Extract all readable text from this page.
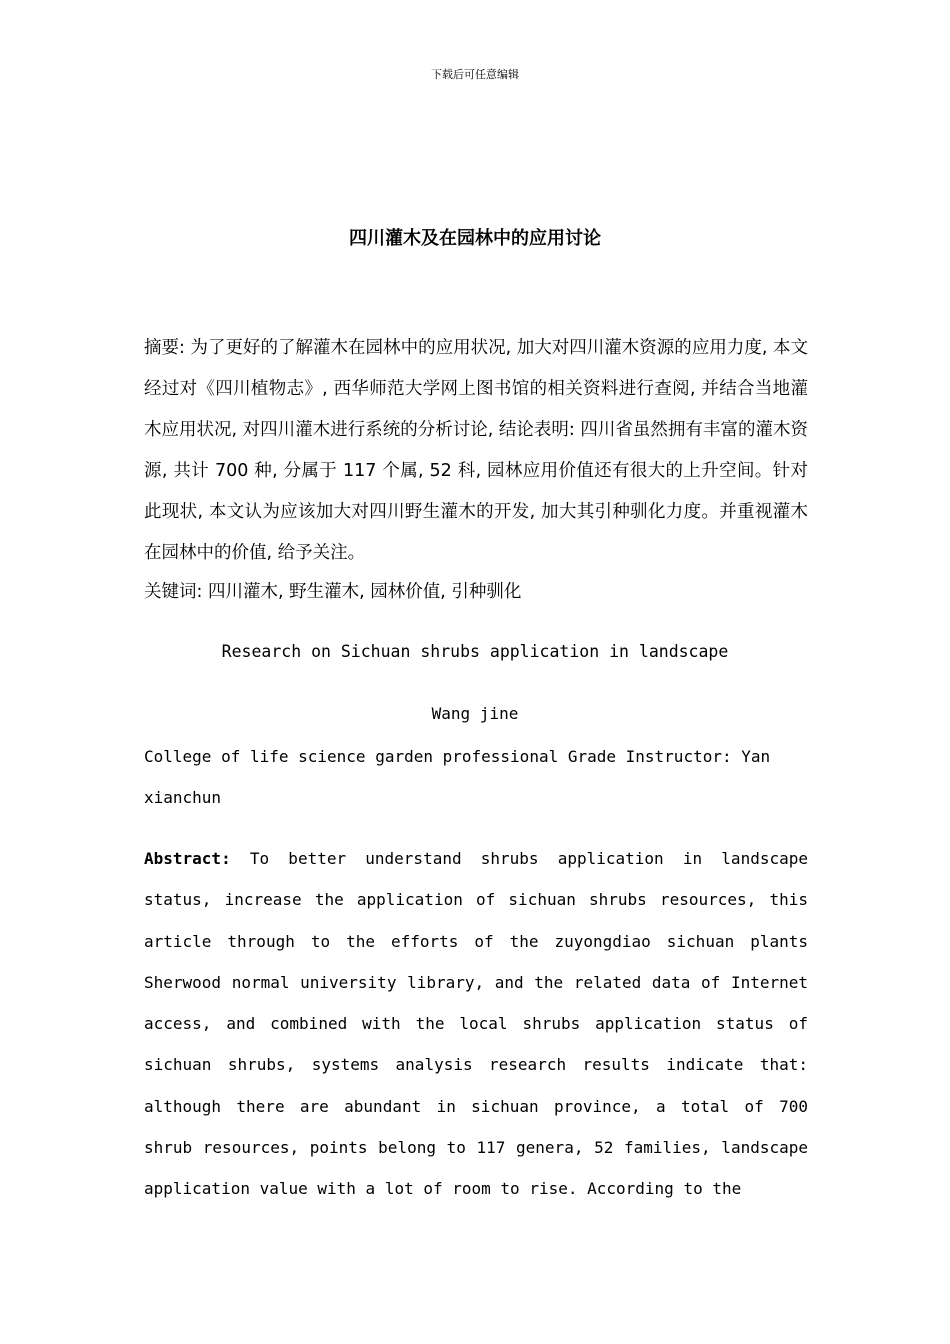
下载后可任意编辑
四川灌木及在园林中的应用讨论
摘要: 为了更好的了解灌木在园林中的应用状况, 加大对四川灌木资源的应用力度, 本文经过对《四川植物志》, 西华师范大学网上图书馆的相关资料进行查阅, 并结合当地灌木应用状况, 对四川灌木进行系统的分析讨论, 结论表明: 四川省虽然拥有丰富的灌木资源, 共计 700 种, 分属于 117 个属, 52 科, 园林应用价值还有很大的上升空间。针对此现状, 本文认为应该加大对四川野生灌木的开发, 加大其引种驯化力度。并重视灌木在园林中的价值, 给予关注。
关键词: 四川灌木, 野生灌木, 园林价值, 引种驯化
Research on Sichuan shrubs application in landscape
Wang jine
College of life science garden professional Grade Instructor: Yan xianchun
Abstract: To better understand shrubs application in landscape status, increase the application of sichuan shrubs resources, this article through to the efforts of the zuyongdiao sichuan plants Sherwood normal university library, and the related data of Internet access, and combined with the local shrubs application status of sichuan shrubs, systems analysis research results indicate that: although there are abundant in sichuan province, a total of 700 shrub resources, points belong to 117 genera, 52 families, landscape application value with a lot of room to rise. According to the
